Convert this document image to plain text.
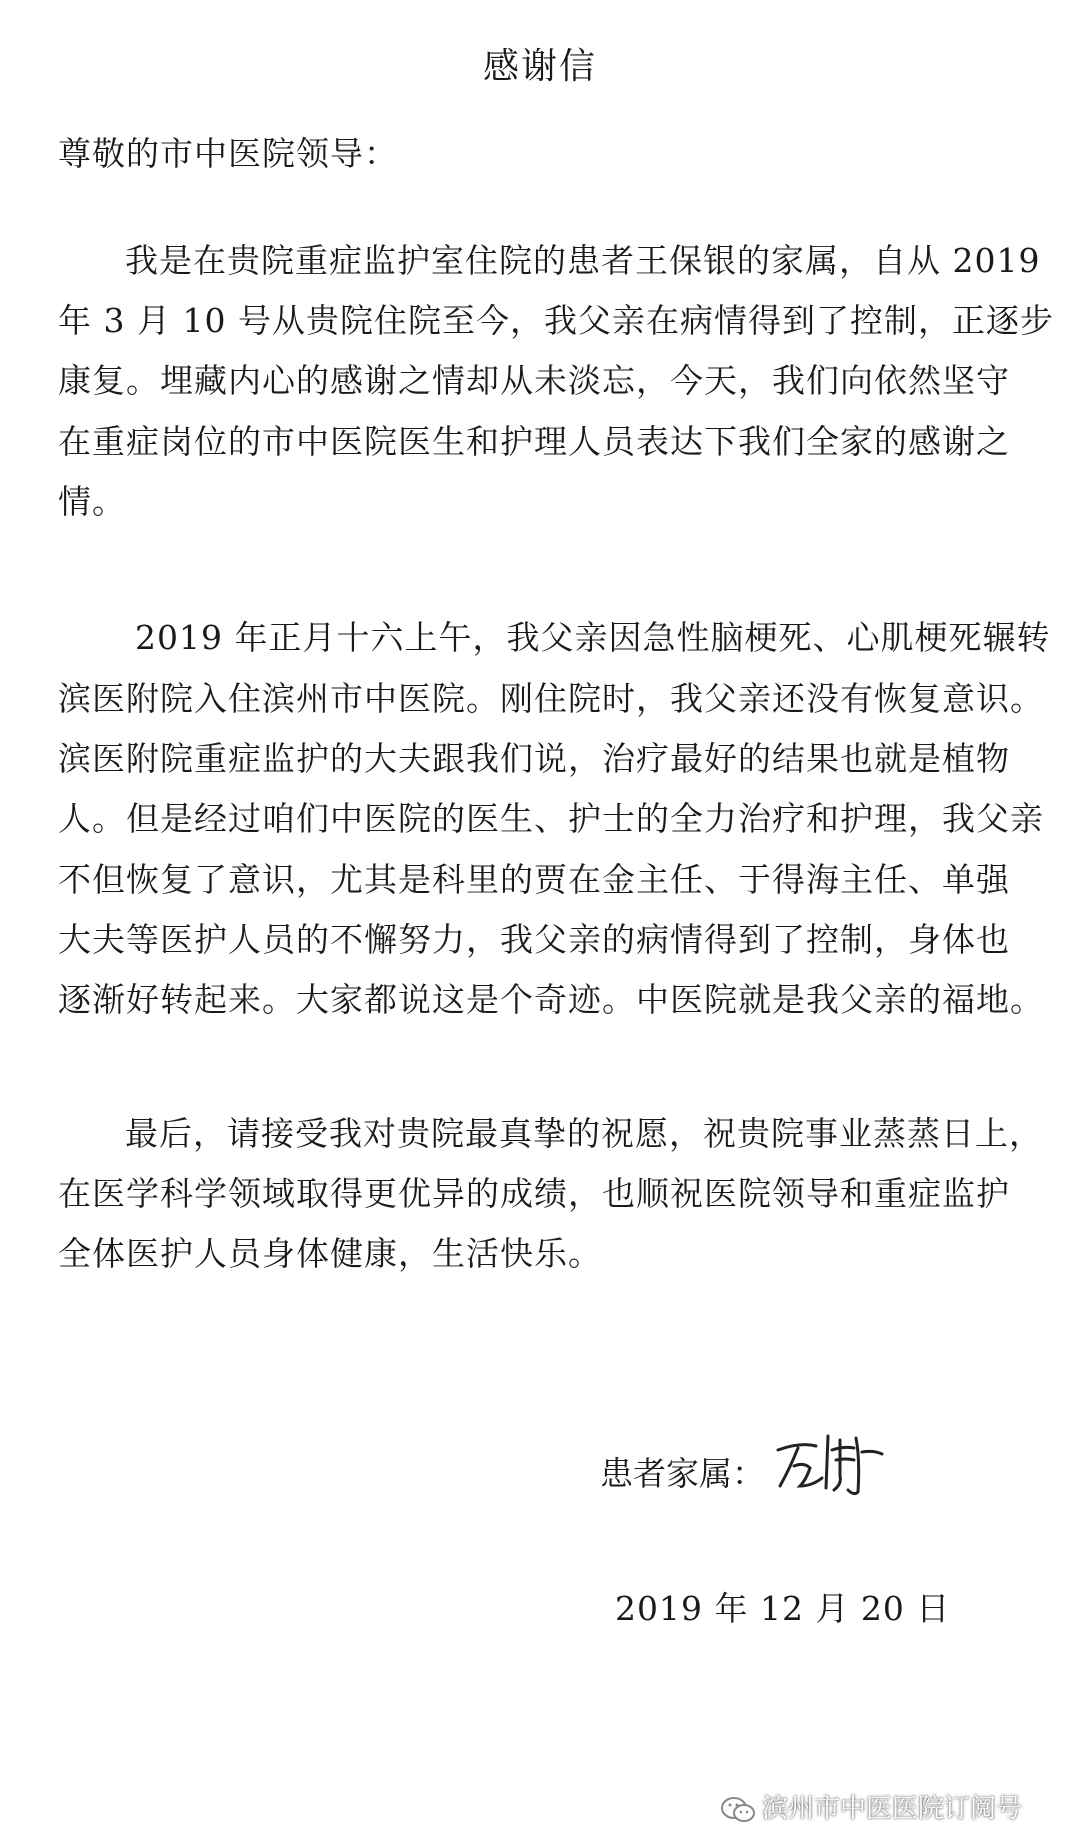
感谢信
尊敬的市中医院领导：
我是在贵院重症监护室住院的患者王保银的家属，自从 2019
年 3 月 10 号从贵院住院至今，我父亲在病情得到了控制，正逐步
康复。埋藏内心的感谢之情却从未淡忘，今天，我们向依然坚守
在重症岗位的市中医院医生和护理人员表达下我们全家的感谢之
情。
2019 年正月十六上午，我父亲因急性脑梗死、心肌梗死辗转
滨医附院入住滨州市中医院。刚住院时，我父亲还没有恢复意识。
滨医附院重症监护的大夫跟我们说，治疗最好的结果也就是植物
人。但是经过咱们中医院的医生、护士的全力治疗和护理，我父亲
不但恢复了意识，尤其是科里的贾在金主任、于得海主任、单强
大夫等医护人员的不懈努力，我父亲的病情得到了控制，身体也
逐渐好转起来。大家都说这是个奇迹。中医院就是我父亲的福地。
最后，请接受我对贵院最真挚的祝愿，祝贵院事业蒸蒸日上，
在医学科学领域取得更优异的成绩，也顺祝医院领导和重症监护
全体医护人员身体健康，生活快乐。
患者家属：
2019 年 12 月 20 日
滨州市中医医院订阅号
